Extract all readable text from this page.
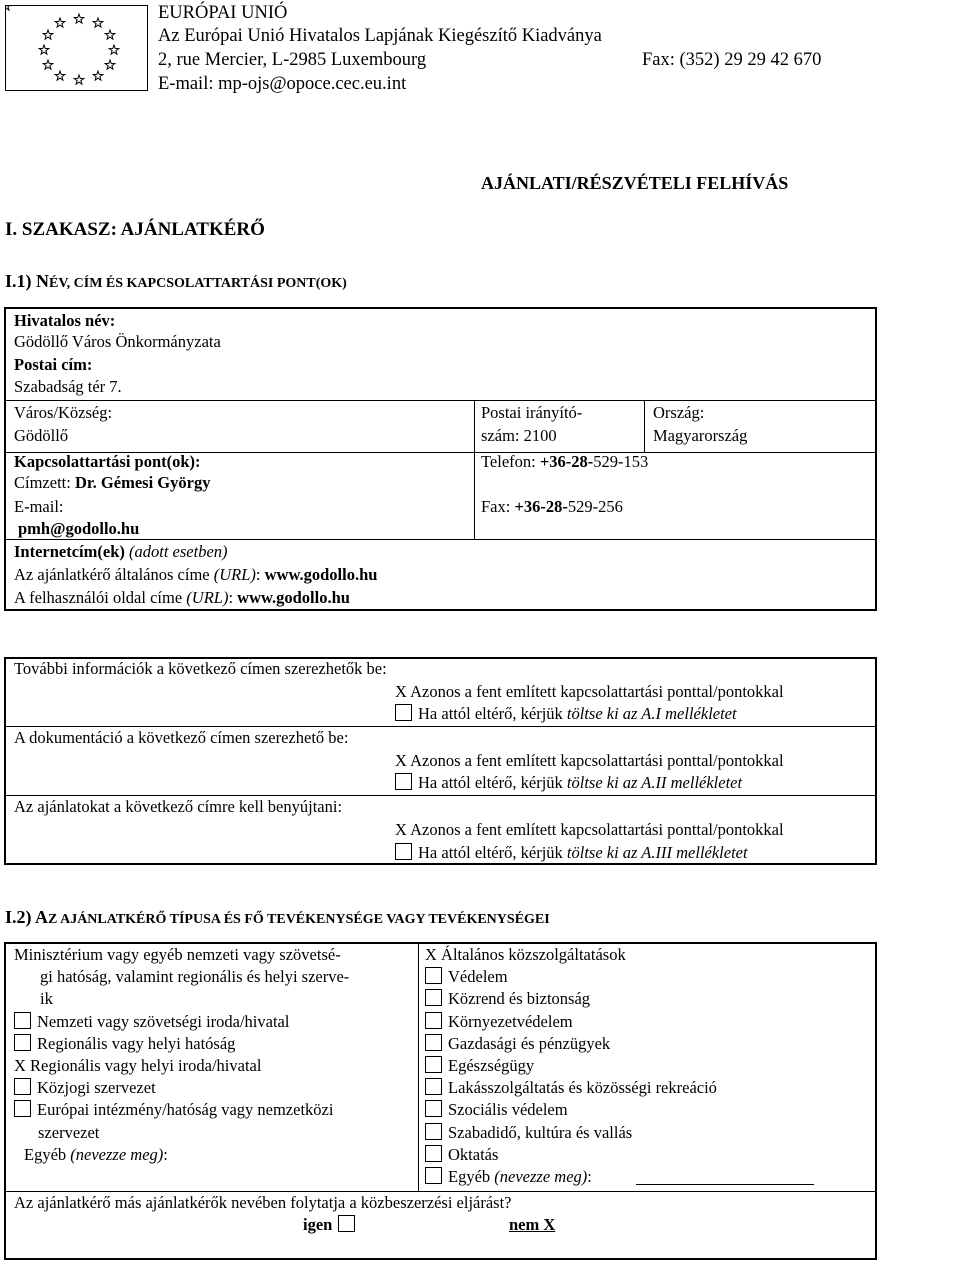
EURÓPAI UNIÓ
Az Európai Unió Hivatalos Lapjának Kiegészítő Kiadványa
2, rue Mercier, L-2985 Luxembourg	Fax: (352) 29 29 42 670
E-mail: mp-ojs@opoce.cec.eu.int
AJÁNLATI/RÉSZVÉTELI FELHÍVÁS
I. SZAKASZ: AJÁNLATKÉRŐ
I.1) NÉV, CÍM ÉS KAPCSOLATTARTÁSI PONT(OK)
Hivatalos név:
Gödöllő Város Önkormányzata
Postai cím:
Szabadság tér 7.
Város/Község:
Gödöllő
Postai irányító-
szám: 2100
Ország:
Magyarország
Kapcsolattartási pont(ok):
Címzett: Dr. Gémesi György
Telefon: +36-28-529-153
E-mail:
pmh@godollo.hu
Fax: +36-28-529-256
Internetcím(ek) (adott esetben)
Az ajánlatkérő általános címe (URL): www.godollo.hu
A felhasználói oldal címe (URL): www.godollo.hu
További információk a következő címen szerezhetők be:
X Azonos a fent említett kapcsolattartási ponttal/pontokkal
Ha attól eltérő, kérjük töltse ki az A.I mellékletet
A dokumentáció a következő címen szerezhető be:
X Azonos a fent említett kapcsolattartási ponttal/pontokkal
Ha attól eltérő, kérjük töltse ki az A.II mellékletet
Az ajánlatokat a következő címre kell benyújtani:
X Azonos a fent említett kapcsolattartási ponttal/pontokkal
Ha attól eltérő, kérjük töltse ki az A.III mellékletet
I.2) AZ AJÁNLATKÉRŐ TÍPUSA ÉS FŐ TEVÉKENYSÉGE VAGY TEVÉKENYSÉGEI
Minisztérium vagy egyéb nemzeti vagy szövetsé-
gi hatóság, valamint regionális és helyi szerve-
ik
Nemzeti vagy szövetségi iroda/hivatal
Regionális vagy helyi hatóság
X Regionális vagy helyi iroda/hivatal
Közjogi szervezet
Európai intézmény/hatóság vagy nemzetközi
szervezet
Egyéb (nevezze meg):
X Általános közszolgáltatások
Védelem
Közrend és biztonság
Környezetvédelem
Gazdasági és pénzügyek
Egészségügy
Lakásszolgáltatás és közösségi rekreáció
Szociális védelem
Szabadidő, kultúra és vallás
Oktatás
Egyéb (nevezze meg):
Az ajánlatkérő más ajánlatkérők nevében folytatja a közbeszerzési eljárást?
igen	nem X
